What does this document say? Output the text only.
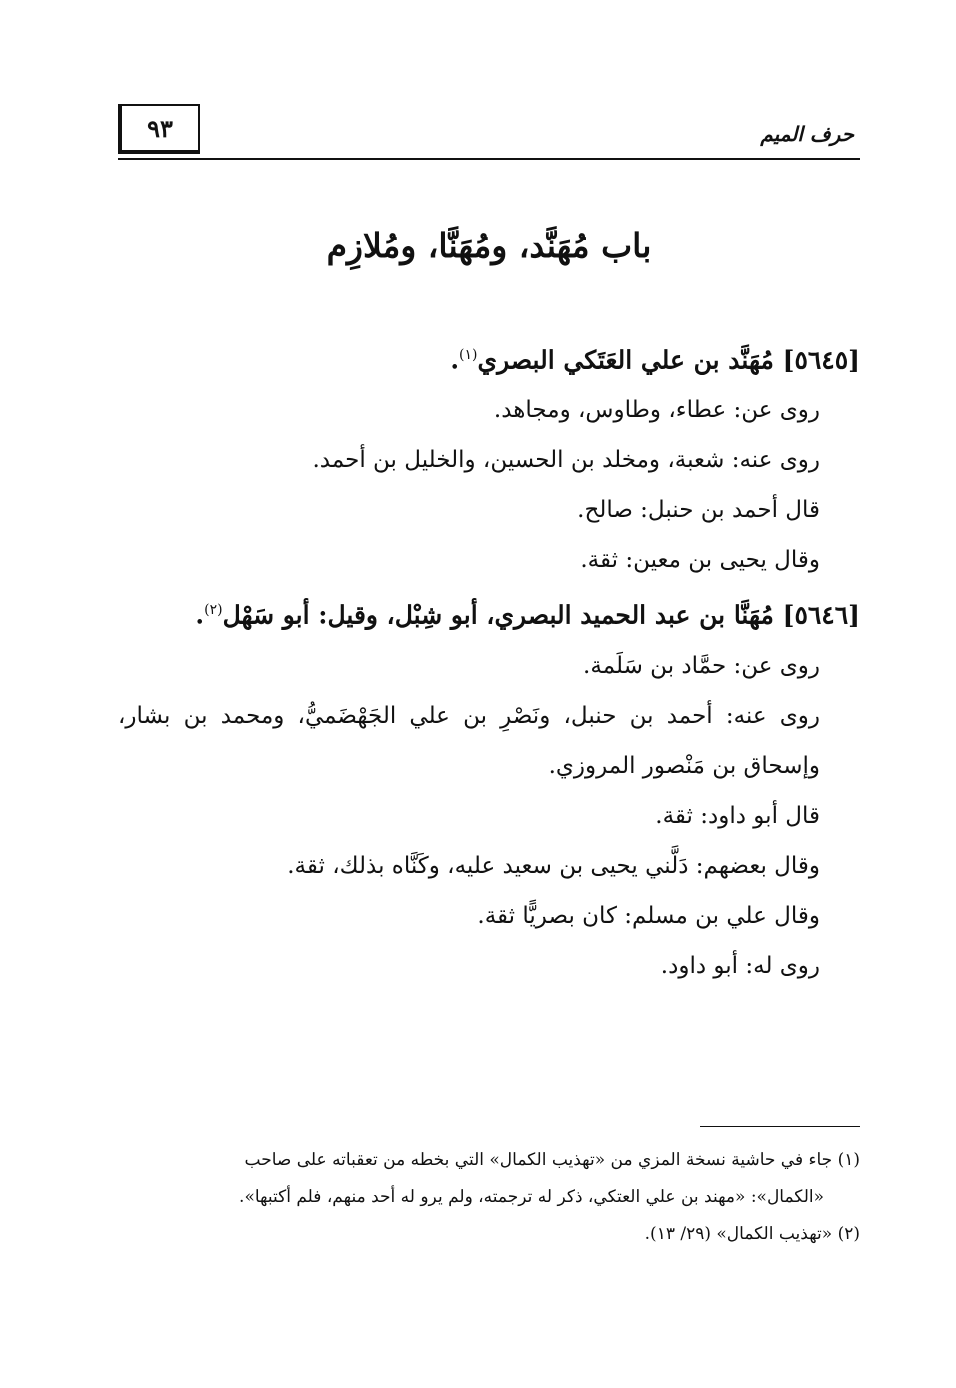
٩٣	حرف الميم
باب مُهَنَّد، ومُهَنَّا، ومُلازِم
[٥٦٤٥] مُهَنَّد بن علي العَتَكي البصري$^{(١)}$.
روى عن: عطاء، وطاوس، ومجاهد.
روى عنه: شعبة، ومخلد بن الحسين، والخليل بن أحمد.
قال أحمد بن حنبل: صالح.
وقال يحيى بن معين: ثقة.
[٥٦٤٦] مُهَنَّا بن عبد الحميد البصري، أبو شِبْل، وقيل: أبو سَهْل$^{(٢)}$.
روى عن: حمَّاد بن سَلَمة.
روى عنه: أحمد بن حنبل، ونَصْرِ بن علي الجَهْضَميُّ، ومحمد بن بشار، وإسحاق بن مَنْصور المروزي.
قال أبو داود: ثقة.
وقال بعضهم: دَلَّني يحيى بن سعيد عليه، وكَنَّاه بذلك، ثقة.
وقال علي بن مسلم: كان بصريًّا ثقة.
روى له: أبو داود.
(١) جاء في حاشية نسخة المزي من «تهذيب الكمال» التي بخطه من تعقباته على صاحب
«الكمال»: «مهند بن علي العتكي، ذكر له ترجمته، ولم يرو له أحد منهم، فلم أكتبها».
(٢) «تهذيب الكمال» (٢٩/ ١٣).
